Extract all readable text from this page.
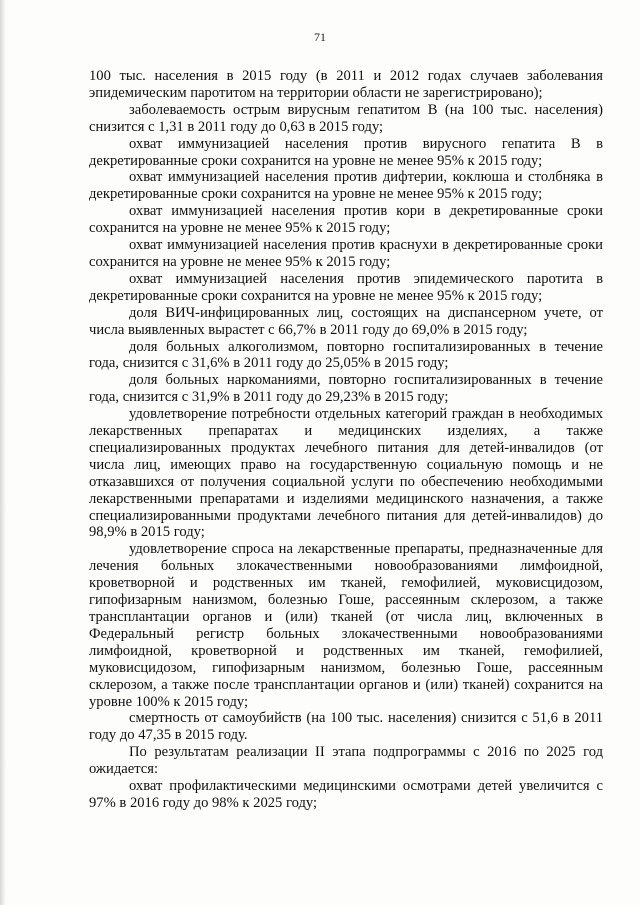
71

100 тыс. населения в 2015 году (в 2011 и 2012 годах случаев заболевания эпидемическим паротитом на территории области не зарегистрировано);

заболеваемость острым вирусным гепатитом В (на 100 тыс. населения) снизится с 1,31 в 2011 году до 0,63 в 2015 году;

охват иммунизацией населения против вирусного гепатита В в декретированные сроки сохранится на уровне не менее 95% к 2015 году;

охват иммунизацией населения против дифтерии, коклюша и столбняка в декретированные сроки сохранится на уровне не менее 95% к 2015 году;

охват иммунизацией населения против кори в декретированные сроки сохранится на уровне не менее 95% к 2015 году;

охват иммунизацией населения против краснухи в декретированные сроки сохранится на уровне не менее 95% к 2015 году;

охват иммунизацией населения против эпидемического паротита в декретированные сроки сохранится на уровне не менее 95% к 2015 году;

доля ВИЧ-инфицированных лиц, состоящих на диспансерном учете, от числа выявленных вырастет с 66,7% в 2011 году до 69,0% в 2015 году;

доля больных алкоголизмом, повторно госпитализированных в течение года, снизится с 31,6% в 2011 году до 25,05% в 2015 году;

доля больных наркоманиями, повторно госпитализированных в течение года, снизится с 31,9% в 2011 году до 29,23% в 2015 году;

удовлетворение потребности отдельных категорий граждан в необходимых лекарственных препаратах и медицинских изделиях, а также специализированных продуктах лечебного питания для детей-инвалидов (от числа лиц, имеющих право на государственную социальную помощь и не отказавшихся от получения социальной услуги по обеспечению необходимыми лекарственными препаратами и изделиями медицинского назначения, а также специализированными продуктами лечебного питания для детей-инвалидов) до 98,9% в 2015 году;

удовлетворение спроса на лекарственные препараты, предназначенные для лечения больных злокачественными новообразованиями лимфоидной, кроветворной и родственных им тканей, гемофилией, муковисцидозом, гипофизарным нанизмом, болезнью Гоше, рассеянным склерозом, а также трансплантации органов и (или) тканей (от числа лиц, включенных в Федеральный регистр больных злокачественными новообразованиями лимфоидной, кроветворной и родственных им тканей, гемофилией, муковисцидозом, гипофизарным нанизмом, болезнью Гоше, рассеянным склерозом, а также после трансплантации органов и (или) тканей) сохранится на уровне 100% к 2015 году;

смертность от самоубийств (на 100 тыс. населения) снизится с 51,6 в 2011 году до 47,35 в 2015 году.

По результатам реализации II этапа подпрограммы с 2016 по 2025 год ожидается:

охват профилактическими медицинскими осмотрами детей увеличится с 97% в 2016 году до 98% к 2025 году;
